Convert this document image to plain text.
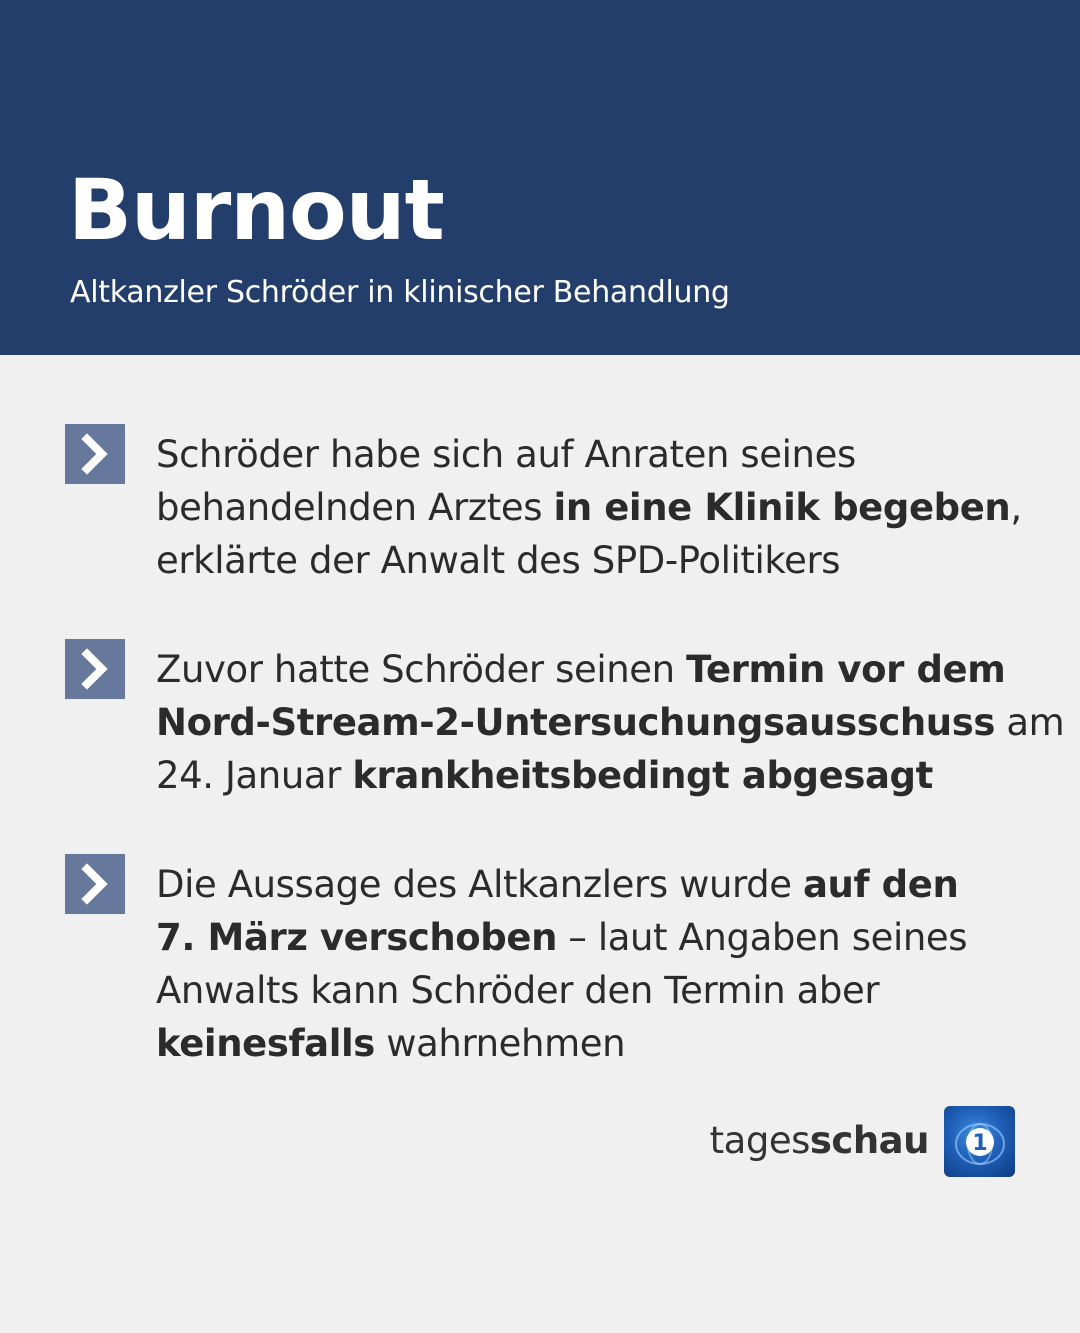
Burnout
Altkanzler Schröder in klinischer Behandlung
Schröder habe sich auf Anraten seines
behandelnden Arztes in eine Klinik begeben,
erklärte der Anwalt des SPD-Politikers
Zuvor hatte Schröder seinen Termin vor dem
Nord-Stream-2-Untersuchungsausschuss am
24. Januar krankheitsbedingt abgesagt
Die Aussage des Altkanzlers wurde auf den
7. März verschoben – laut Angaben seines
Anwalts kann Schröder den Termin aber
keinesfalls wahrnehmen
tagesschau 1
